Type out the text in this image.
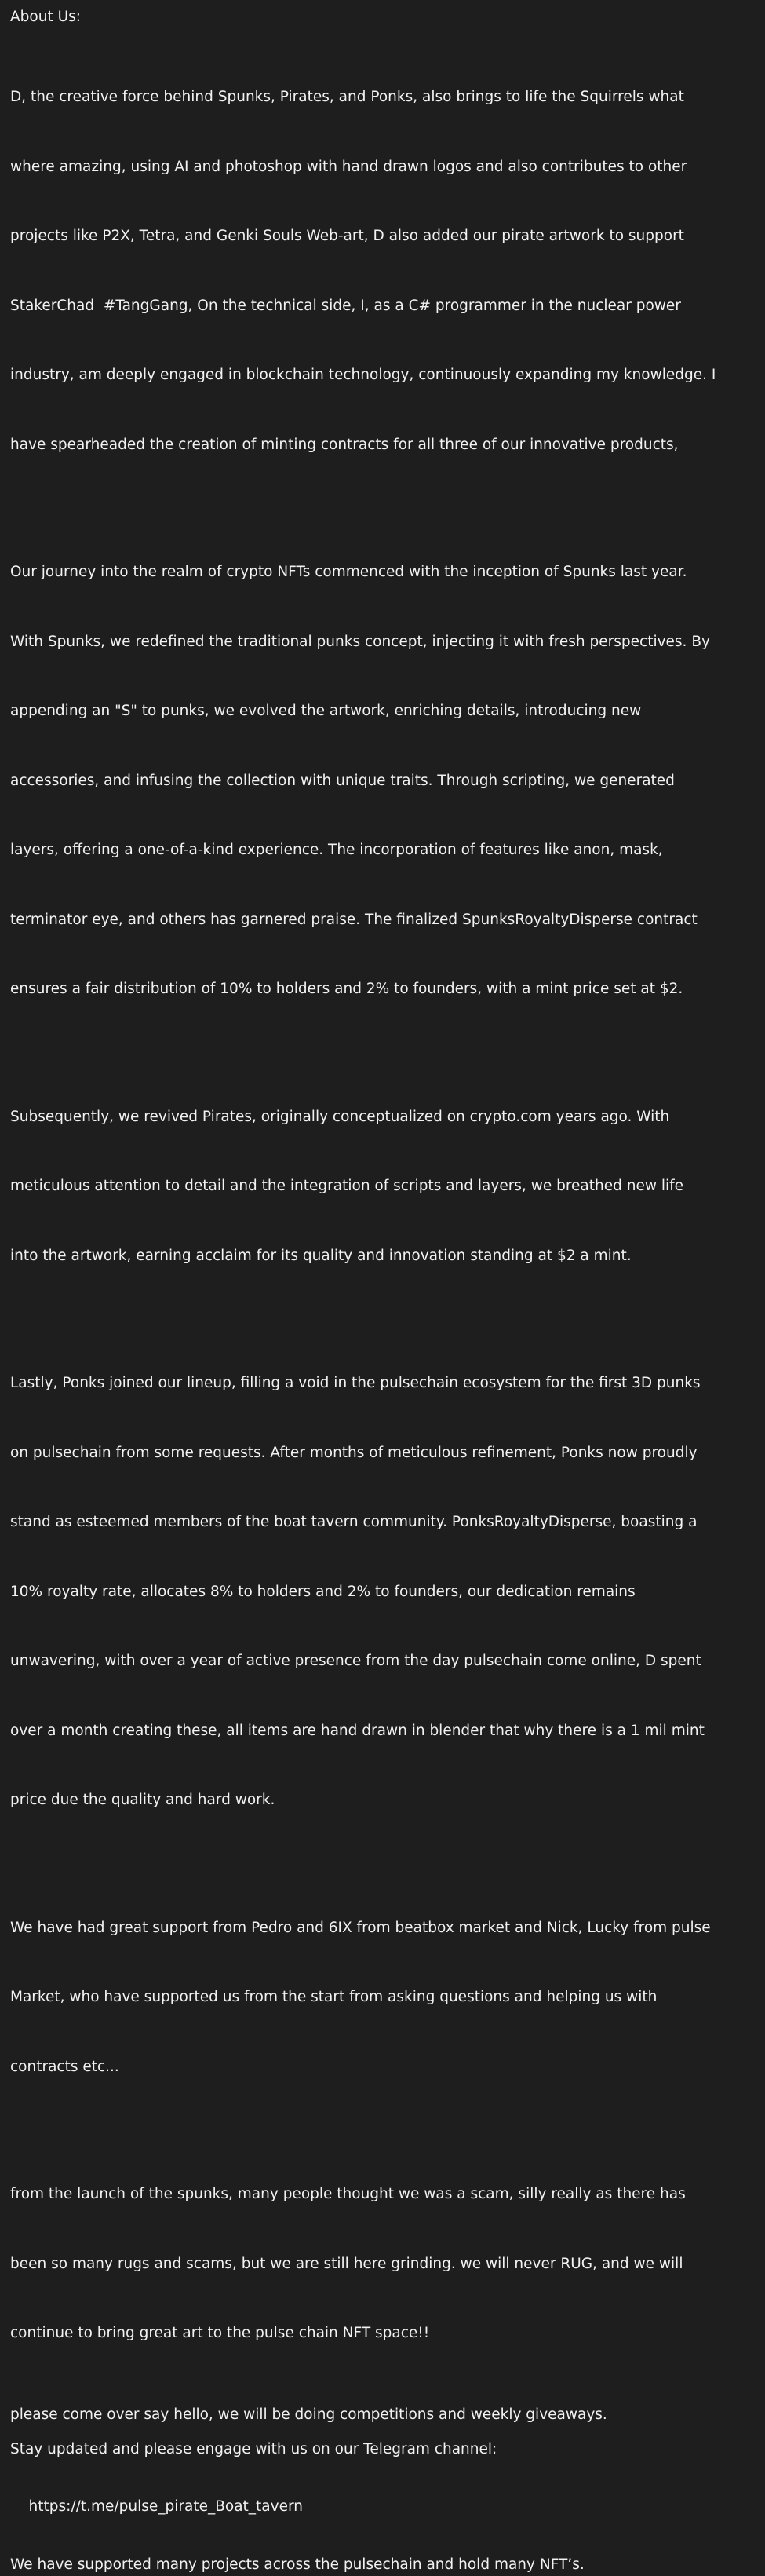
About Us:

D, the creative force behind Spunks, Pirates, and Ponks, also brings to life the Squirrels what

where amazing, using AI and photoshop with hand drawn logos and also contributes to other

projects like P2X, Tetra, and Genki Souls Web-art, D also added our pirate artwork to support

StakerChad  #TangGang, On the technical side, I, as a C# programmer in the nuclear power

industry, am deeply engaged in blockchain technology, continuously expanding my knowledge. I

have spearheaded the creation of minting contracts for all three of our innovative products,

Our journey into the realm of crypto NFTs commenced with the inception of Spunks last year.

With Spunks, we redefined the traditional punks concept, injecting it with fresh perspectives. By

appending an "S" to punks, we evolved the artwork, enriching details, introducing new

accessories, and infusing the collection with unique traits. Through scripting, we generated

layers, offering a one-of-a-kind experience. The incorporation of features like anon, mask,

terminator eye, and others has garnered praise. The finalized SpunksRoyaltyDisperse contract

ensures a fair distribution of 10% to holders and 2% to founders, with a mint price set at $2.

Subsequently, we revived Pirates, originally conceptualized on crypto.com years ago. With

meticulous attention to detail and the integration of scripts and layers, we breathed new life

into the artwork, earning acclaim for its quality and innovation standing at $2 a mint.

Lastly, Ponks joined our lineup, filling a void in the pulsechain ecosystem for the first 3D punks

on pulsechain from some requests. After months of meticulous refinement, Ponks now proudly

stand as esteemed members of the boat tavern community. PonksRoyaltyDisperse, boasting a

10% royalty rate, allocates 8% to holders and 2% to founders, our dedication remains

unwavering, with over a year of active presence from the day pulsechain come online, D spent

over a month creating these, all items are hand drawn in blender that why there is a 1 mil mint

price due the quality and hard work.

We have had great support from Pedro and 6IX from beatbox market and Nick, Lucky from pulse

Market, who have supported us from the start from asking questions and helping us with

contracts etc...

from the launch of the spunks, many people thought we was a scam, silly really as there has

been so many rugs and scams, but we are still here grinding. we will never RUG, and we will

continue to bring great art to the pulse chain NFT space!!

please come over say hello, we will be doing competitions and weekly giveaways.
Stay updated and please engage with us on our Telegram channel:

https://t.me/pulse_pirate_Boat_tavern

We have supported many projects across the pulsechain and hold many NFT’s.
